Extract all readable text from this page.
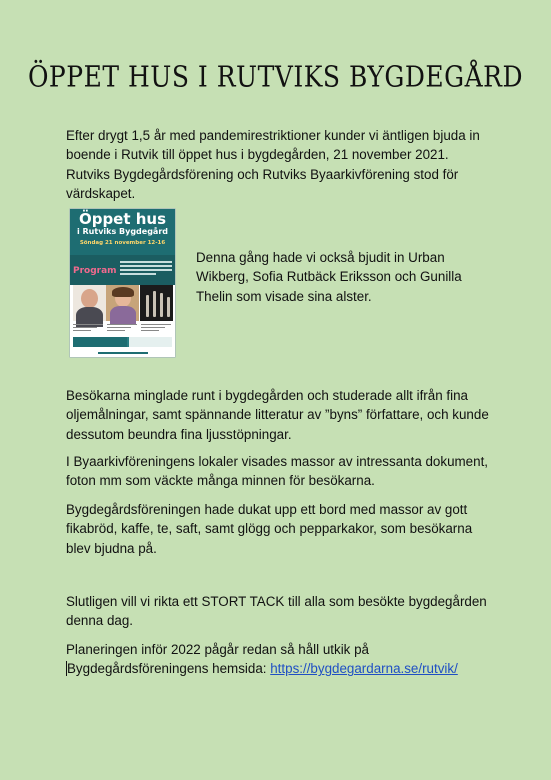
ÖPPET HUS I RUTVIKS BYGDEGÅRD

Efter drygt 1,5 år med pandemirestriktioner kunder vi äntligen bjuda in boende i Rutvik till öppet hus i bygdegården, 21 november 2021. Rutviks Bygdegårdsförening och Rutviks Byaarkivförening stod för värdskapet.

Öppet hus
i Rutviks Bygdegård
Söndag 21 november 12-16
Program

Denna gång hade vi också bjudit in Urban Wikberg, Sofia Rutbäck Eriksson och Gunilla Thelin som visade sina alster.

Besökarna minglade runt i bygdegården och studerade allt ifrån fina oljemålningar, samt spännande litteratur av ”byns” författare, och kunde dessutom beundra fina ljusstöpningar.

I Byaarkivföreningens lokaler visades massor av intressanta dokument, foton mm som väckte många minnen för besökarna.

Bygdegårdsföreningen hade dukat upp ett bord med massor av gott fikabröd, kaffe, te, saft, samt glögg och pepparkakor, som besökarna blev bjudna på.

Slutligen vill vi rikta ett STORT TACK till alla som besökte bygdegården denna dag.

Planeringen inför 2022 pågår redan så håll utkik på
Bygdegårdsföreningens hemsida: https://bygdegardarna.se/rutvik/
